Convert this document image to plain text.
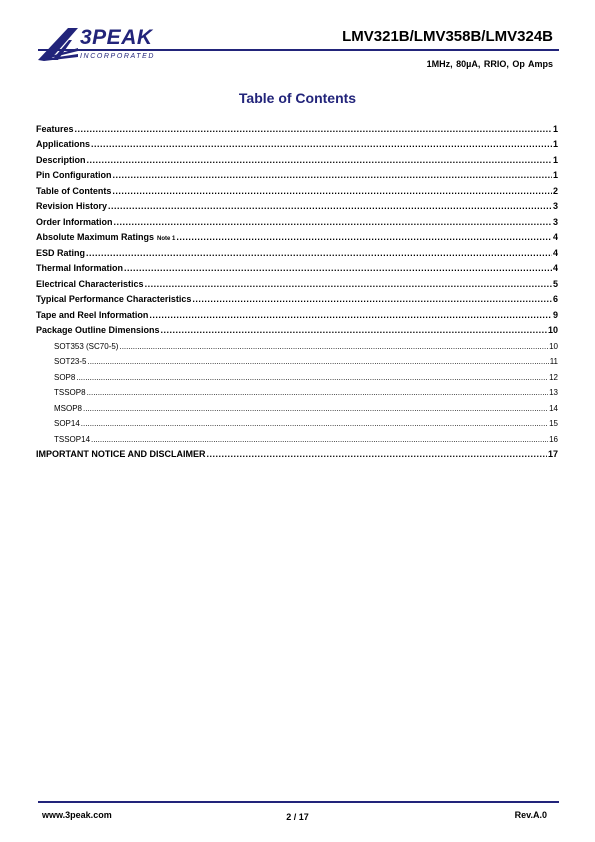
3PEAK
INCORPORATED
LMV321B/LMV358B/LMV324B
1MHz, 80µA, RRIO, Op Amps
Table of Contents
Features .....	1
Applications .....	1
Description .....	1
Pin Configuration .....	1
Table of Contents .....	2
Revision History .....	3
Order Information .....	3
Absolute Maximum Ratings Note 1 .....	4
ESD Rating .....	4
Thermal Information .....	4
Electrical Characteristics .....	5
Typical Performance Characteristics .....	6
Tape and Reel Information .....	9
Package Outline Dimensions .....	10
SOT353 (SC70-5) .....	10
SOT23-5 .....	11
SOP8 .....	12
TSSOP8 .....	13
MSOP8 .....	14
SOP14 .....	15
TSSOP14 .....	16
IMPORTANT NOTICE AND DISCLAIMER .....	17
www.3peak.com	2 / 17	Rev.A.0
